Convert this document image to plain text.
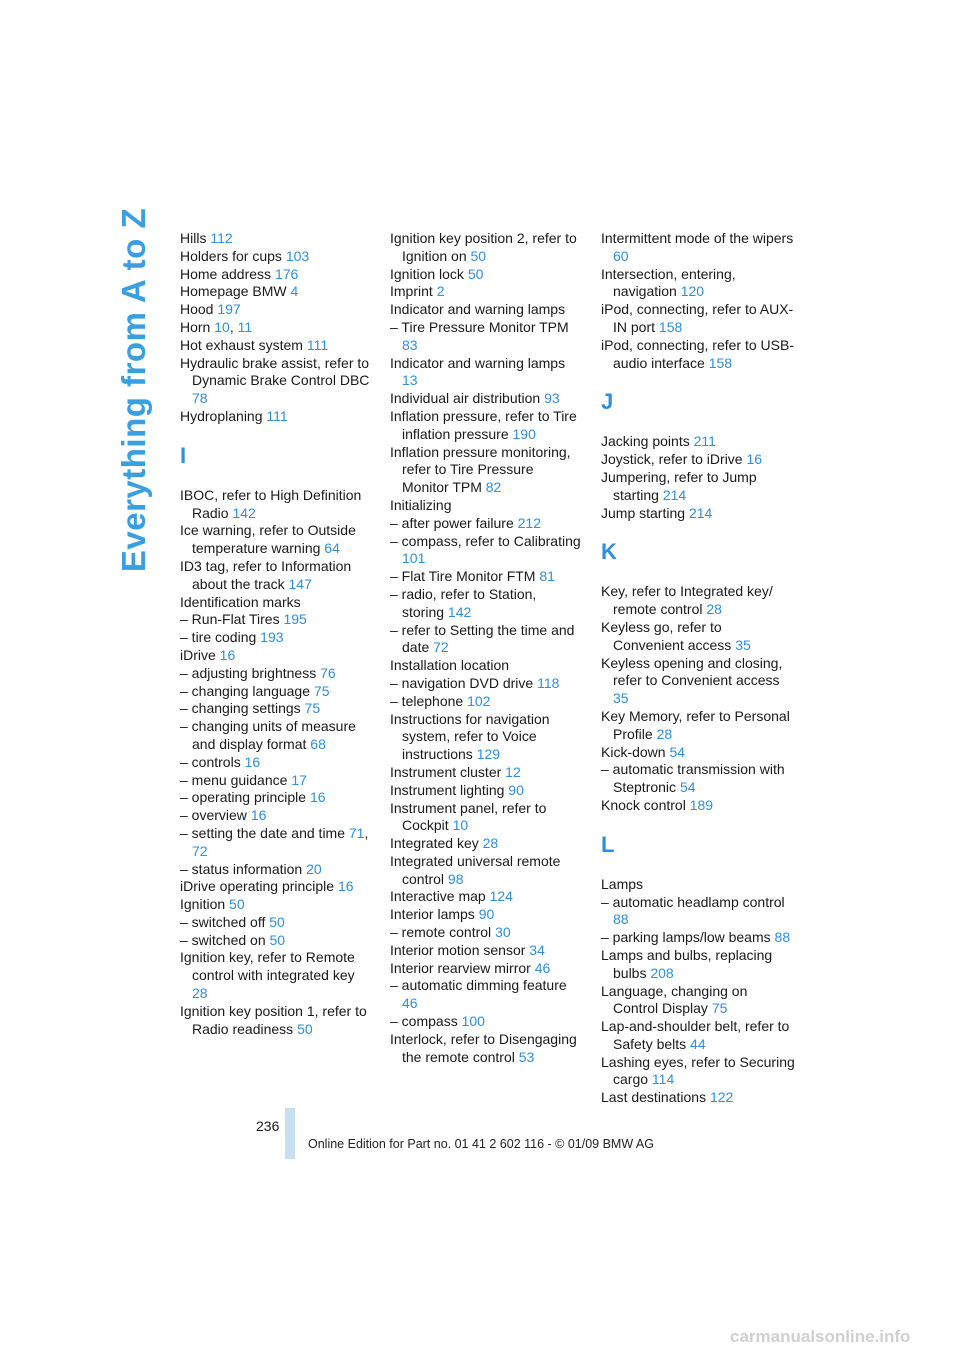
Everything from A to Z Hills 112
Holders for cups 103
Home address 176
Homepage BMW 4
Hood 197
Horn 10, 11
Hot exhaust system 111
Hydraulic brake assist, refer to Dynamic Brake Control DBC 78
Hydroplaning 111
I
IBOC, refer to High Definition Radio 142
Ice warning, refer to Outside temperature warning 64
ID3 tag, refer to Information about the track 147
Identification marks
– Run-Flat Tires 195
– tire coding 193
iDrive 16
– adjusting brightness 76
– changing language 75
– changing settings 75
– changing units of measure and display format 68
– controls 16
– menu guidance 17
– operating principle 16
– overview 16
– setting the date and time 71, 72
– status information 20
iDrive operating principle 16
Ignition 50
– switched off 50
– switched on 50
Ignition key, refer to Remote control with integrated key 28
Ignition key position 1, refer to Radio readiness 50
Ignition key position 2, refer to Ignition on 50
Ignition lock 50
Imprint 2
Indicator and warning lamps
– Tire Pressure Monitor TPM 83
Indicator and warning lamps 13
Individual air distribution 93
Inflation pressure, refer to Tire inflation pressure 190
Inflation pressure monitoring, refer to Tire Pressure Monitor TPM 82
Initializing
– after power failure 212
– compass, refer to Calibrating 101
– Flat Tire Monitor FTM 81
– radio, refer to Station, storing 142
– refer to Setting the time and date 72
Installation location
– navigation DVD drive 118
– telephone 102
Instructions for navigation system, refer to Voice instructions 129
Instrument cluster 12
Instrument lighting 90
Instrument panel, refer to Cockpit 10
Integrated key 28
Integrated universal remote control 98
Interactive map 124
Interior lamps 90
– remote control 30
Interior motion sensor 34
Interior rearview mirror 46
– automatic dimming feature 46
– compass 100
Interlock, refer to Disengaging the remote control 53
Intermittent mode of the wipers 60
Intersection, entering, navigation 120
iPod, connecting, refer to AUX-IN port 158
iPod, connecting, refer to USB-audio interface 158
J
Jacking points 211
Joystick, refer to iDrive 16
Jumpering, refer to Jump starting 214
Jump starting 214
K
Key, refer to Integrated key/ remote control 28
Keyless go, refer to Convenient access 35
Keyless opening and closing, refer to Convenient access 35
Key Memory, refer to Personal Profile 28
Kick-down 54
– automatic transmission with Steptronic 54
Knock control 189
L
Lamps
– automatic headlamp control 88
– parking lamps/low beams 88
Lamps and bulbs, replacing bulbs 208
Language, changing on Control Display 75
Lap-and-shoulder belt, refer to Safety belts 44
Lashing eyes, refer to Securing cargo 114
Last destinations 122
236
Online Edition for Part no. 01 41 2 602 116 - © 01/09 BMW AG
carmanualsonline.info
